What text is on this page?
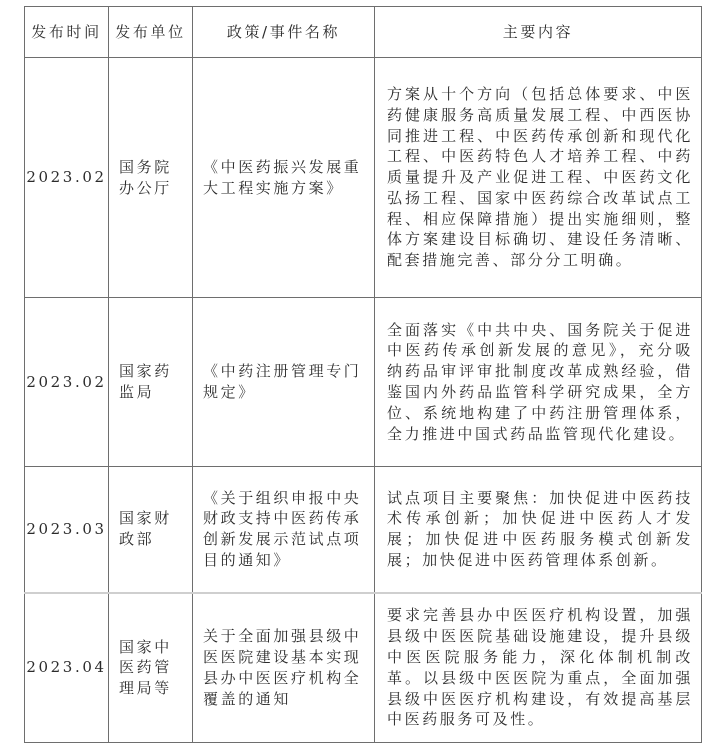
发布时间	发布单位	政策/事件名称	主要内容
2023.02	国务院办公厅	《中医药振兴发展重大工程实施方案》	方案从十个方向（包括总体要求、中医药健康服务高质量发展工程、中西医协同推进工程、中医药传承创新和现代化工程、中医药特色人才培养工程、中药质量提升及产业促进工程、中医药文化弘扬工程、国家中医药综合改革试点工程、相应保障措施）提出实施细则，整体方案建设目标确切、建设任务清晰、配套措施完善、部分分工明确。
2023.02	国家药监局	《中药注册管理专门规定》	全面落实《中共中央、国务院关于促进中医药传承创新发展的意见》，充分吸纳药品审评审批制度改革成熟经验，借鉴国内外药品监管科学研究成果，全方位、系统地构建了中药注册管理体系，全力推进中国式药品监管现代化建设。
2023.03	国家财政部	《关于组织申报中央财政支持中医药传承创新发展示范试点项目的通知》	试点项目主要聚焦：加快促进中医药技术传承创新；加快促进中医药人才发展；加快促进中医药服务模式创新发展；加快促进中医药管理体系创新。
2023.04	国家中医药管理局等	关于全面加强县级中医医院建设基本实现县办中医医疗机构全覆盖的通知	要求完善县办中医医疗机构设置，加强县级中医医院基础设施建设，提升县级中医医院服务能力，深化体制机制改革。以县级中医医院为重点，全面加强县级中医医疗机构建设，有效提高基层中医药服务可及性。
